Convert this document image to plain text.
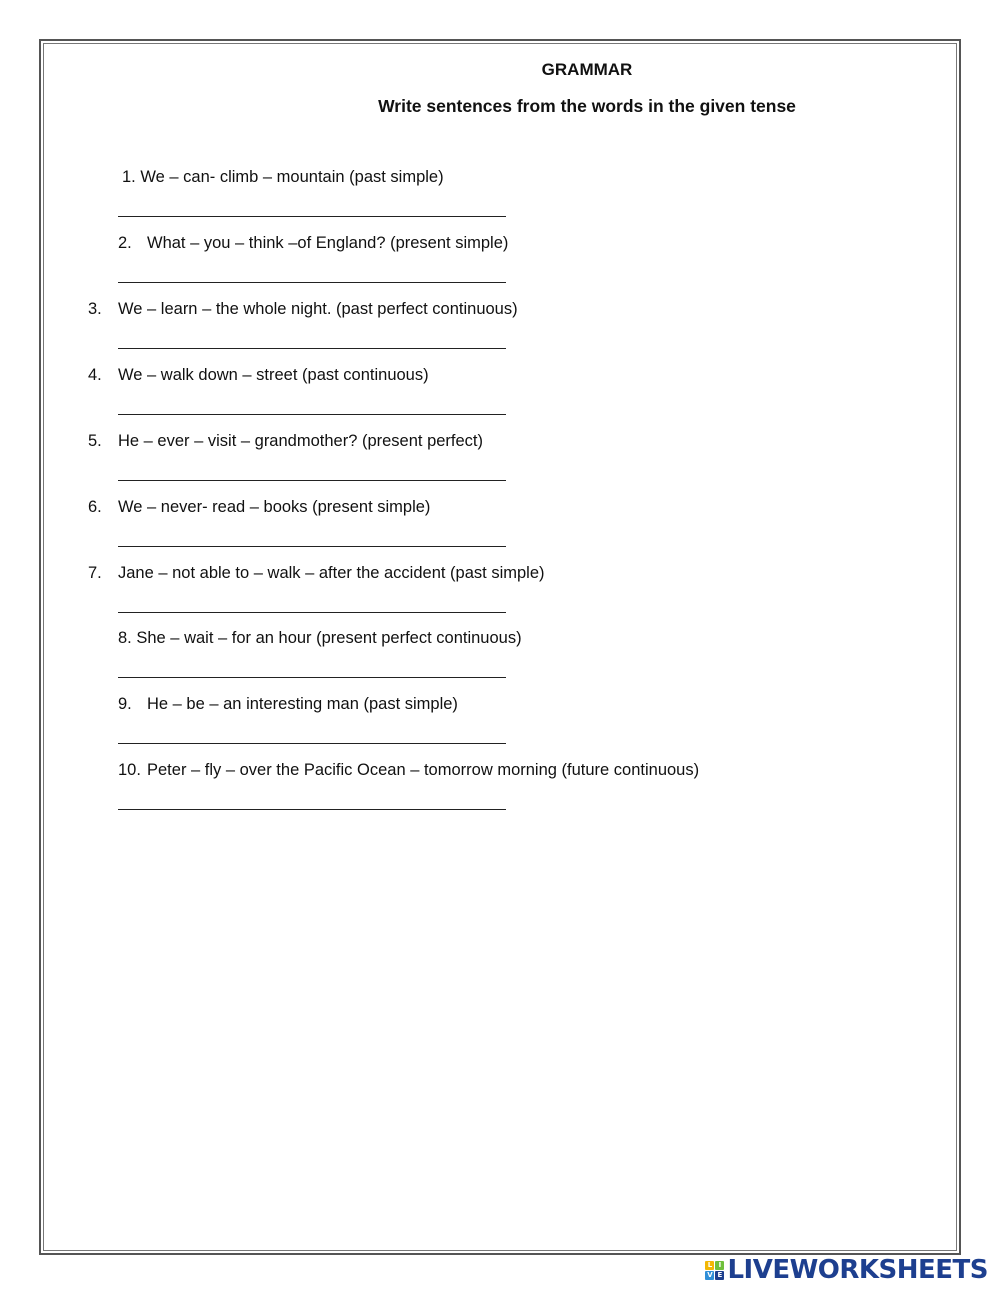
GRAMMAR
Write sentences from the words in the given tense
1. We – can- climb – mountain (past simple)
2. What – you – think –of England? (present simple)
3. We – learn – the whole night. (past perfect continuous)
4. We – walk down – street (past continuous)
5. He – ever – visit – grandmother? (present perfect)
6. We – never- read – books (present simple)
7. Jane – not able to – walk – after the accident (past simple)
8. She – wait – for an hour (present perfect continuous)
9. He – be – an interesting man (past simple)
10. Peter – fly – over the Pacific Ocean – tomorrow morning (future continuous)
L I
V E LIVEWORKSHEETS
